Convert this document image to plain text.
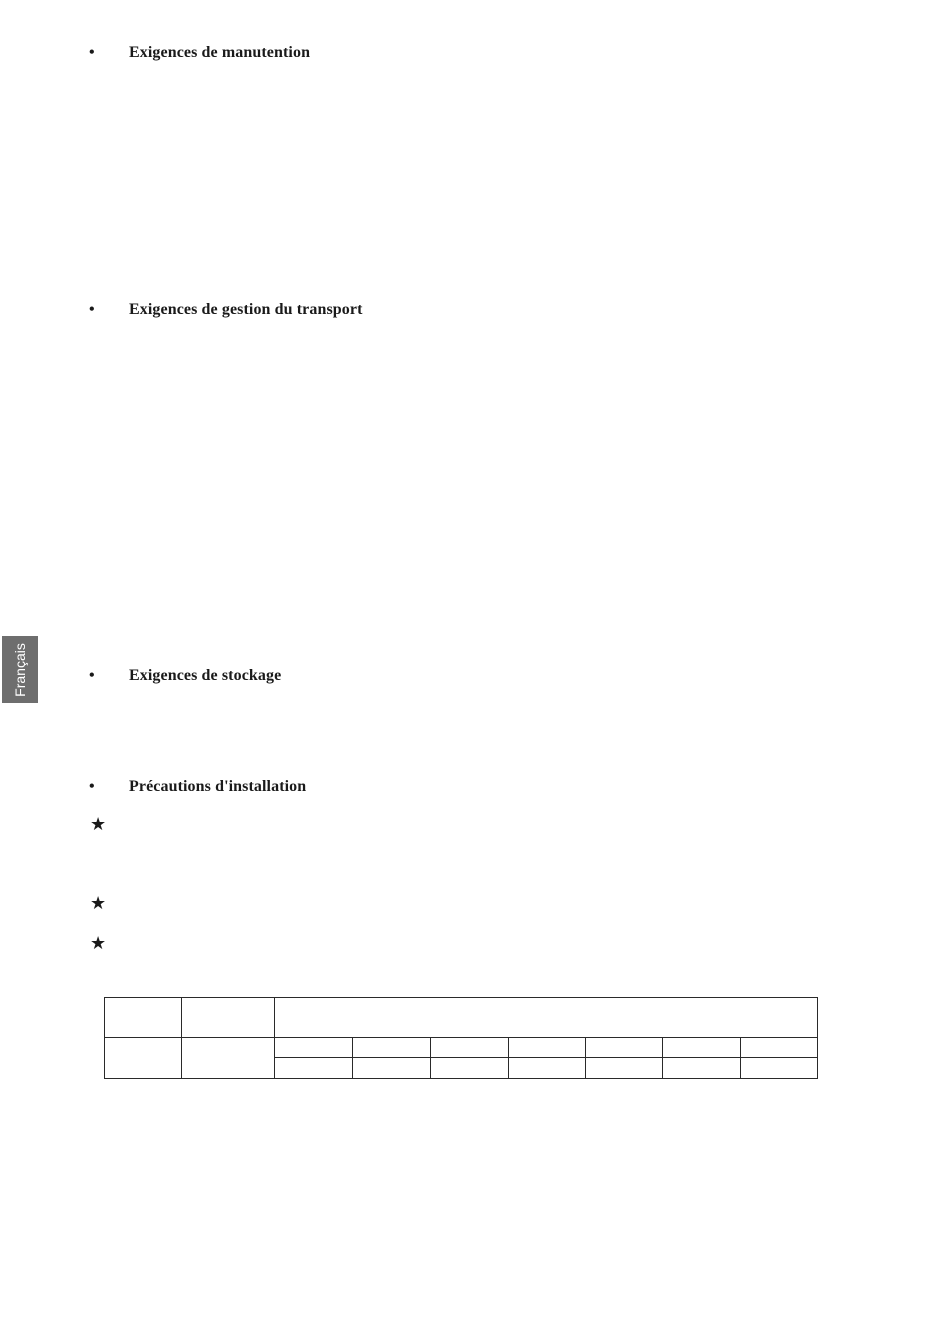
• Exigences de manutention
• Exigences de gestion du transport
Français	• Exigences de stockage
• Précautions d'installation
★
★
★
